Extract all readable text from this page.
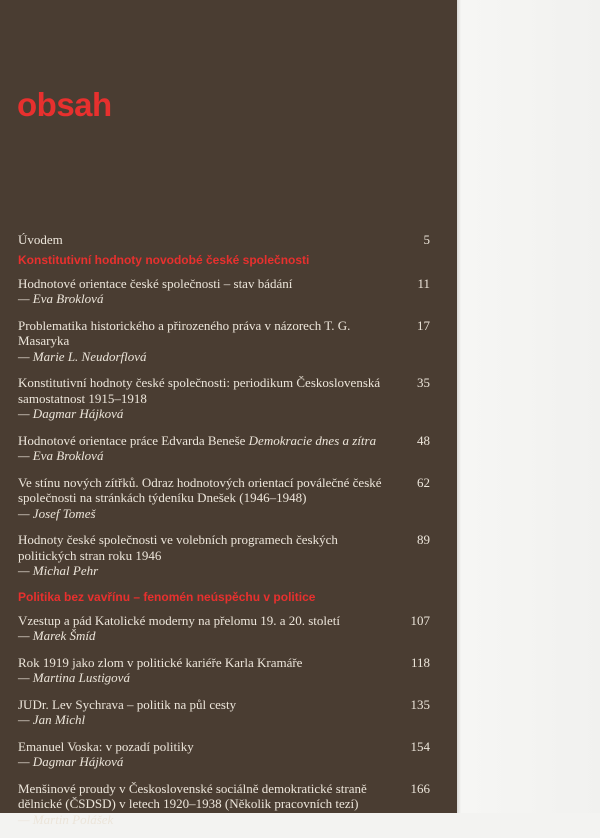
obsah
Úvodem	5
Konstitutivní hodnoty novodobé české společnosti
Hodnotové orientace české společnosti – stav bádání
— Eva Broklová
11
Problematika historického a přirozeného práva v názorech T. G. Masaryka
— Marie L. Neudorflová
17
Konstitutivní hodnoty české společnosti: periodikum Československá samostatnost 1915–1918
— Dagmar Hájková
35
Hodnotové orientace práce Edvarda Beneše Demokracie dnes a zítra
— Eva Broklová
48
Ve stínu nových zítřků. Odraz hodnotových orientací poválečné české společnosti na stránkách týdeníku Dnešek (1946–1948)
— Josef Tomeš
62
Hodnoty české společnosti ve volebních programech českých politických stran roku 1946
— Michal Pehr
89
Politika bez vavřínu – fenomén neúspěchu v politice
Vzestup a pád Katolické moderny na přelomu 19. a 20. století
— Marek Šmíd
107
Rok 1919 jako zlom v politické kariéře Karla Kramáře
— Martina Lustigová
118
JUDr. Lev Sychrava – politik na půl cesty
— Jan Michl
135
Emanuel Voska: v pozadí politiky
— Dagmar Hájková
154
Menšinové proudy v Československé sociálně demokratické straně dělnické (ČSDSD) v letech 1920–1938 (Několik pracovních tezí)
— Martin Polášek
166
